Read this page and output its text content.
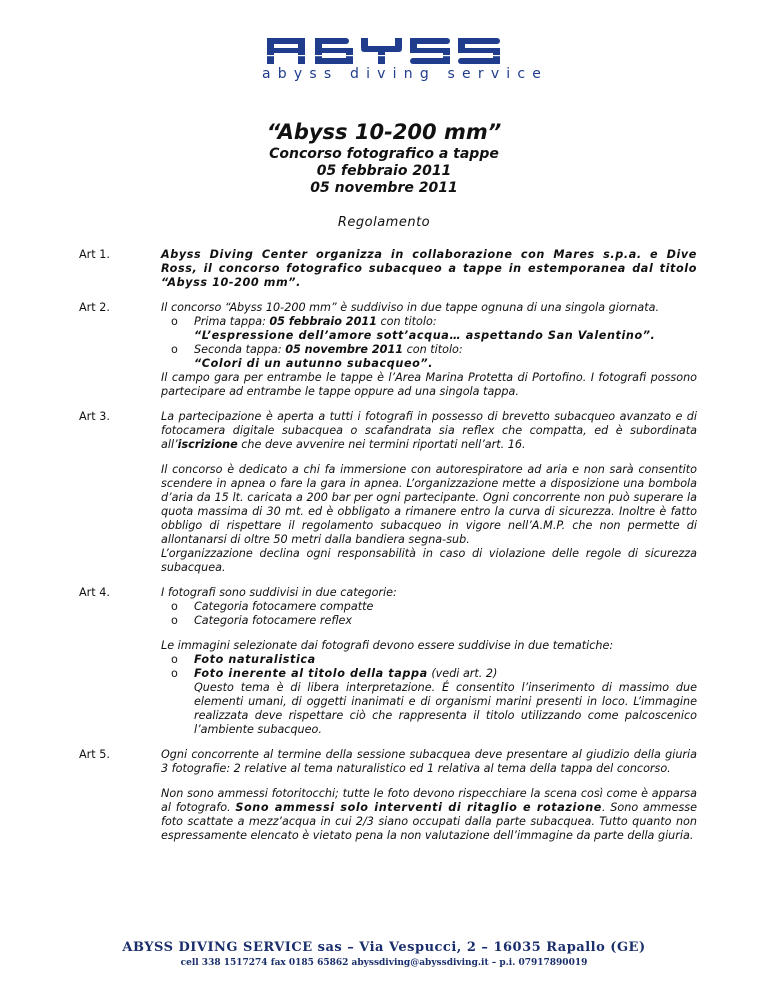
abyss diving service
“Abyss 10-200 mm”
Concorso fotografico a tappe
05 febbraio 2011
05 novembre 2011
Regolamento
Art 1.	Abyss Diving Center organizza in collaborazione con Mares s.p.a. e Dive Ross, il concorso fotografico subacqueo a tappe in estemporanea dal titolo “Abyss 10-200 mm”.

Art 2.	Il concorso “Abyss 10-200 mm” è suddiviso in due tappe ognuna di una singola giornata.

o Prima tappa: 05 febbraio 2011 con titolo:
“L’espressione dell’amore sott’acqua… aspettando San Valentino”.
o Seconda tappa: 05 novembre 2011 con titolo:
“Colori di un autunno subacqueo”.

Il campo gara per entrambe le tappe è l’Area Marina Protetta di Portofino. I fotografi possono partecipare ad entrambe le tappe oppure ad una singola tappa.

Art 3.	La partecipazione è aperta a tutti i fotografi in possesso di brevetto subacqueo avanzato e di fotocamera digitale subacquea o scafandrata sia reflex che compatta, ed è subordinata all’iscrizione che deve avvenire nei termini riportati nell’art. 16.

Il concorso è dedicato a chi fa immersione con autorespiratore ad aria e non sarà consentito scendere in apnea o fare la gara in apnea. L’organizzazione mette a disposizione una bombola d’aria da 15 lt. caricata a 200 bar per ogni partecipante. Ogni concorrente non può superare la quota massima di 30 mt. ed è obbligato a rimanere entro la curva di sicurezza. Inoltre è fatto obbligo di rispettare il regolamento subacqueo in vigore nell’A.M.P. che non permette di allontanarsi di oltre 50 metri dalla bandiera segna-sub.

L’organizzazione declina ogni responsabilità in caso di violazione delle regole di sicurezza subacquea.

Art 4.	I fotografi sono suddivisi in due categorie:

o Categoria fotocamere compatte
o Categoria fotocamere reflex

Le immagini selezionate dai fotografi devono essere suddivise in due tematiche:

o Foto naturalistica
o Foto inerente al titolo della tappa (vedi art. 2)

Questo tema è di libera interpretazione. É consentito l’inserimento di massimo due elementi umani, di oggetti inanimati e di organismi marini presenti in loco. L’immagine realizzata deve rispettare ciò che rappresenta il titolo utilizzando come palcoscenico l’ambiente subacqueo.

Art 5.	Ogni concorrente al termine della sessione subacquea deve presentare al giudizio della giuria 3 fotografie: 2 relative al tema naturalistico ed 1 relativa al tema della tappa del concorso.

Non sono ammessi fotoritocchi; tutte le foto devono rispecchiare la scena così come è apparsa al fotografo. Sono ammessi solo interventi di ritaglio e rotazione. Sono ammesse foto scattate a mezz’acqua in cui 2/3 siano occupati dalla parte subacquea. Tutto quanto non espressamente elencato è vietato pena la non valutazione dell’immagine da parte della giuria.

ABYSS DIVING SERVICE sas – Via Vespucci, 2 – 16035 Rapallo (GE)
cell 338 1517274 fax 0185 65862 abyssdiving@abyssdiving.it – p.i. 07917890019
